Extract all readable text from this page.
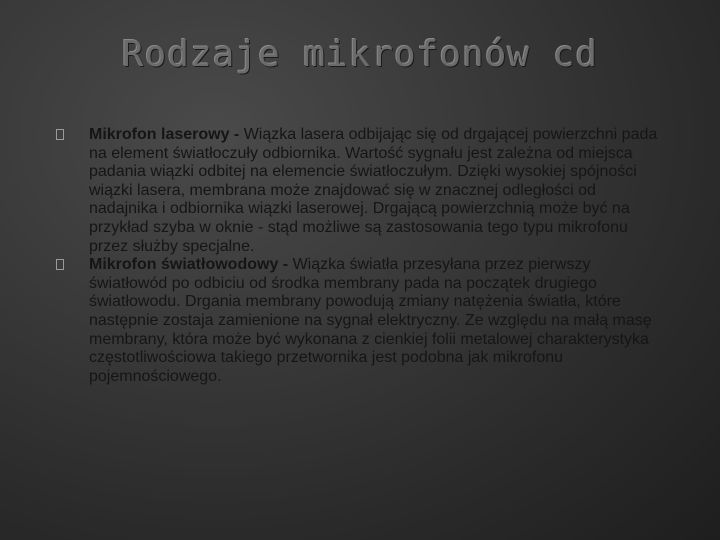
Rodzaje mikrofonów cd

Mikrofon laserowy - Wiązka lasera odbijając się od drgającej powierzchni pada na element światłoczuły odbiornika. Wartość sygnału jest zależna od miejsca padania wiązki odbitej na elemencie światłoczułym. Dzięki wysokiej spójności wiązki lasera, membrana może znajdować się w znacznej odległości od nadajnika i odbiornika wiązki laserowej. Drgającą powierzchnią może być na przykład szyba w oknie - stąd możliwe są zastosowania tego typu mikrofonu przez służby specjalne.

Mikrofon światłowodowy - Wiązka światła przesyłana przez pierwszy światłowód po odbiciu od środka membrany pada na początek drugiego światłowodu. Drgania membrany powodują zmiany natężenia światła, które następnie zostaja zamienione na sygnał elektryczny. Ze względu na małą masę membrany, która może być wykonana z cienkiej folii metalowej charakterystyka częstotliwościowa takiego przetwornika jest podobna jak mikrofonu pojemnościowego.
